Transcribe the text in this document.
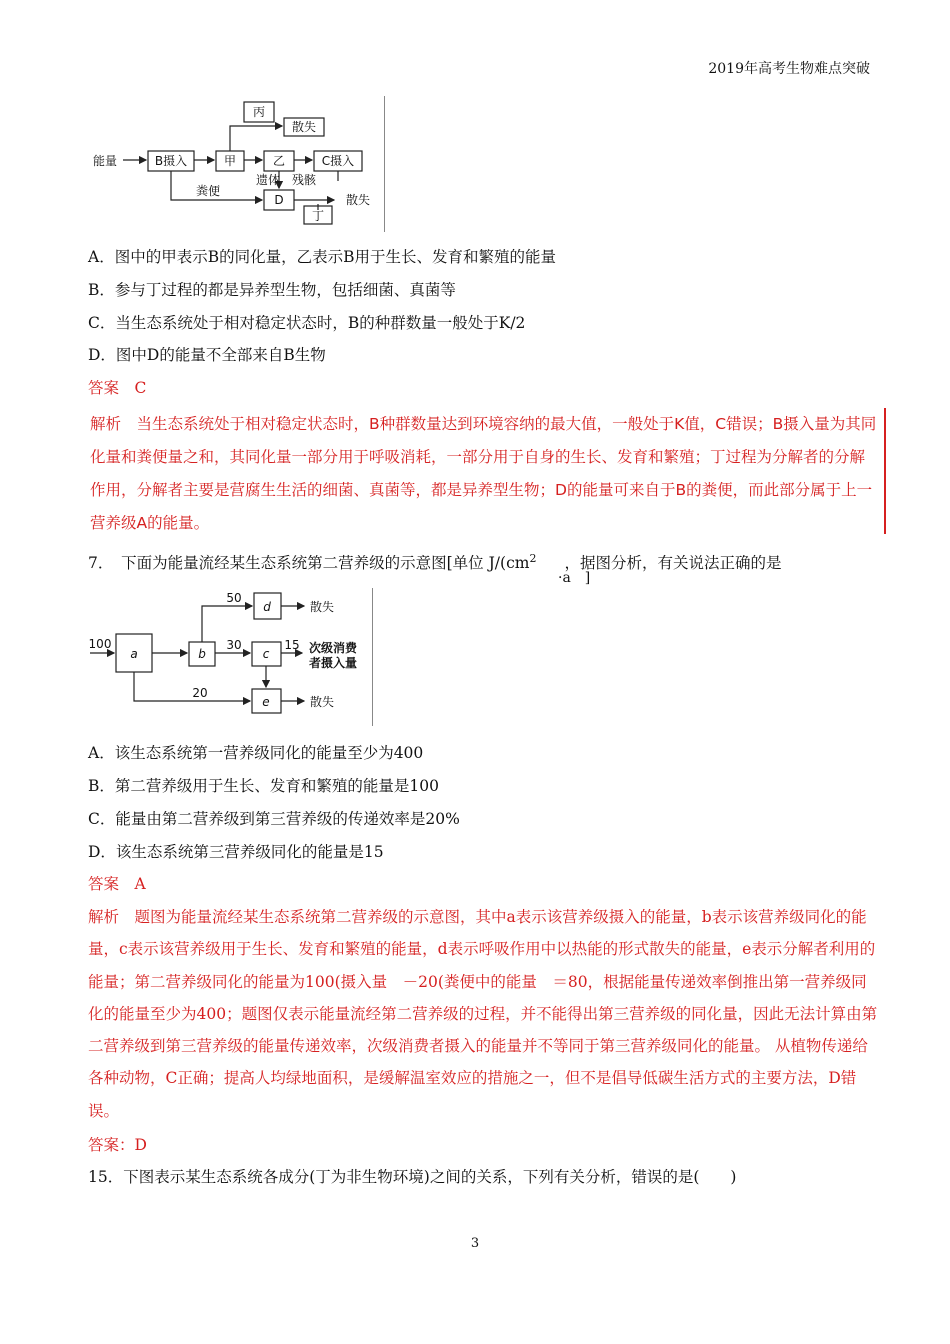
2019年高考生物难点突破
能量	B摄入	甲	乙	C摄入
丙
散失
粪便
遗体　残骸
D	散失
丁
A．图中的甲表示B的同化量，乙表示B用于生长、发育和繁殖的能量
B．参与丁过程的都是异养型生物，包括细菌、真菌等
C．当生态系统处于相对稳定状态时，B的种群数量一般处于K/2
D．图中D的能量不全部来自B生物
答案　C
解析　当生态系统处于相对稳定状态时，B种群数量达到环境容纳的最大值，一般处于K值，C错误；B摄入量为其同化量和粪便量之和，其同化量一部分用于呼吸消耗，一部分用于自身的生长、发育和繁殖；丁过程为分解者的分解作用，分解者主要是营腐生生活的细菌、真菌等，都是异养型生物；D的能量可来自于B的粪便，而此部分属于上一营养级A的能量。
7．　下面为能量流经某生态系统第二营养级的示意图[单位 $J/(cm^2$ ，据图分析，有关说法正确的是
·a　]
100
a	b
d
c
e
50
30	15
20
散失
散失
次级消费
者摄入量
A．该生态系统第一营养级同化的能量至少为400
B．第二营养级用于生长、发育和繁殖的能量是100
C．能量由第二营养级到第三营养级的传递效率是20%
D．该生态系统第三营养级同化的能量是15
答案　A
解析　题图为能量流经某生态系统第二营养级的示意图，其中a表示该营养级摄入的能量，b表示该营养级同化的能量，c表示该营养级用于生长、发育和繁殖的能量，d表示呼吸作用中以热能的形式散失的能量，e表示分解者利用的能量；第二营养级同化的能量为100(摄入量　－20(粪便中的能量　＝80，根据能量传递效率倒推出第一营养级同化的能量至少为400；题图仅表示能量流经第二营养级的过程，并不能得出第三营养级的同化量，因此无法计算由第二营养级到第三营养级的能量传递效率，次级消费者摄入的能量并不等同于第三营养级同化的能量。 从植物传递给各种动物，C正确；提高人均绿地面积，是缓解温室效应的措施之一，但不是倡导低碳生活方式的主要方法，D错误。
答案：D
15．下图表示某生态系统各成分(丁为非生物环境)之间的关系，下列有关分析，错误的是(　　)
3
